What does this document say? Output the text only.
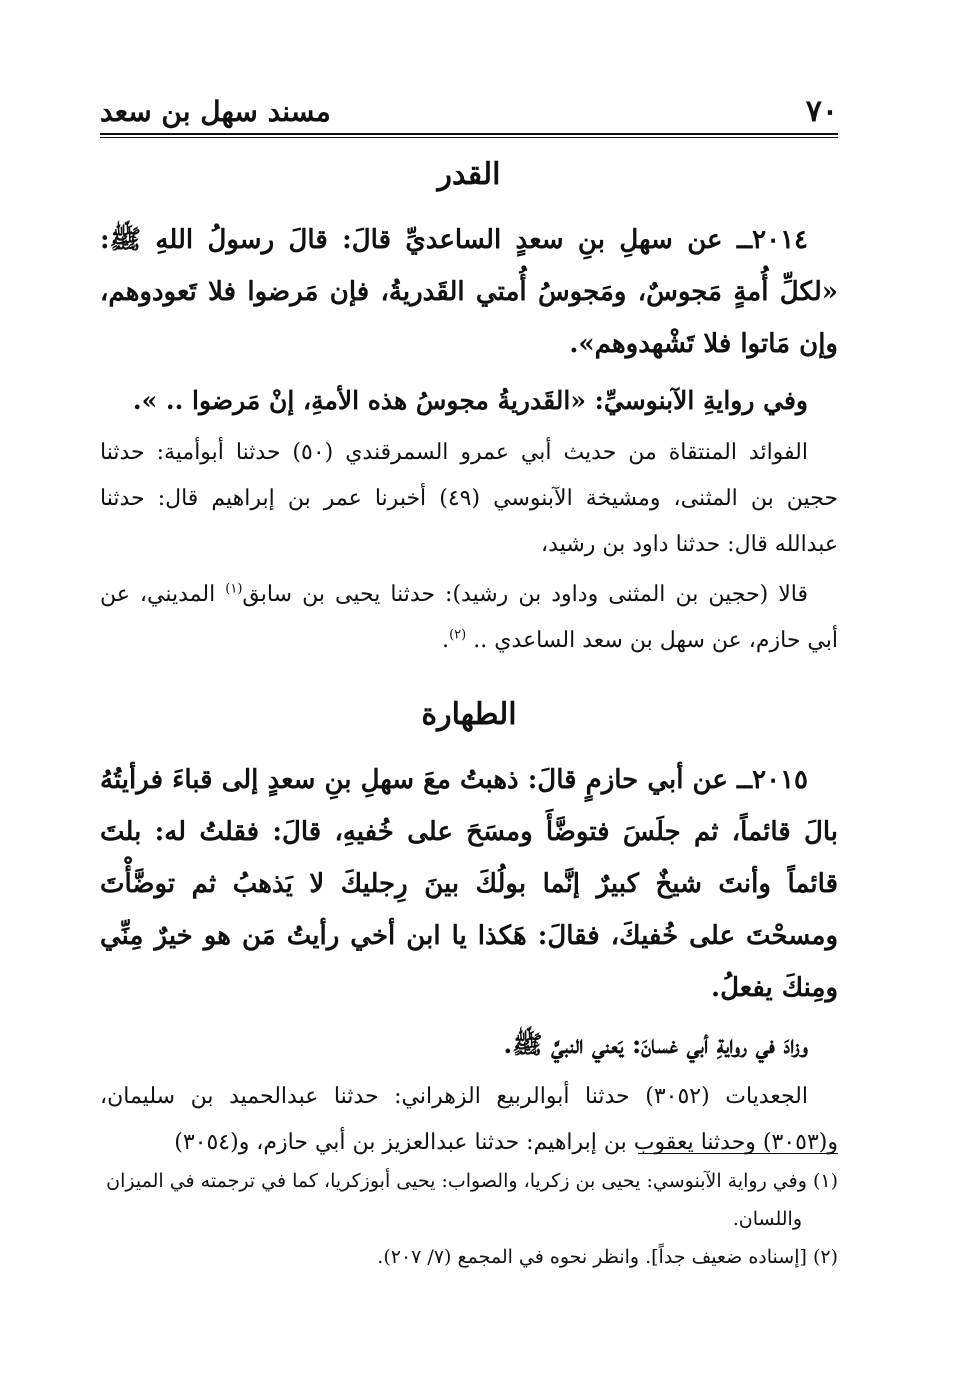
٧٠
مسند سهل بن سعد

القدر

٢٠١٤ــ عن سهلِ بنِ سعدٍ الساعديِّ قالَ: قالَ رسولُ اللهِ ﷺ: «لكلِّ أُمةٍ مَجوسٌ، ومَجوسُ أُمتي القَدريةُ، فإن مَرضوا فلا تَعودوهم، وإن مَاتوا فلا تَشْهدوهم».

وفي روايةِ الآبنوسيِّ: «القَدريةُ مجوسُ هذه الأمةِ، إنْ مَرضوا .. ».

الفوائد المنتقاة من حديث أبي عمرو السمرقندي (٥٠) حدثنا أبوأمية: حدثنا حجين بن المثنى، ومشيخة الآبنوسي (٤٩) أخبرنا عمر بن إبراهيم قال: حدثنا عبدالله قال: حدثنا داود بن رشيد،

قالا (حجين بن المثنى وداود بن رشيد): حدثنا يحيى بن سابق$^{(١)}$ المديني، عن أبي حازم، عن سهل بن سعد الساعدي .. $^{(٢)}$.

الطهارة

٢٠١٥ــ عن أبي حازمٍ قالَ: ذهبتُ معَ سهلِ بنِ سعدٍ إلى قباءَ فرأيتُهُ بالَ قائماً، ثم جلَسَ فتوضَّأَ ومسَحَ على خُفيهِ، قالَ: فقلتُ له: بلتَ قائماً وأنتَ شيخٌ كبيرٌ إنَّما بولُكَ بينَ رِجليكَ لا يَذهبُ ثم توضَّأْتَ ومسحْتَ على خُفيكَ، فقالَ: هَكذا يا ابن أخي رأيتُ مَن هو خيرٌ مِنِّي ومِنكَ يفعلُ.

وزادَ في روايةِ أبي غسانَ: يَعني النبيَّ ﷺ.

الجعديات (٣٠٥٢) حدثنا أبوالربيع الزهراني: حدثنا عبدالحميد بن سليمان، و(٣٠٥٣) وحدثنا يعقوب بن إبراهيم: حدثنا عبدالعزيز بن أبي حازم، و(٣٠٥٤)

(١) وفي رواية الآبنوسي: يحيى بن زكريا، والصواب: يحيى أبوزكريا، كما في ترجمته في الميزان
واللسان.

(٢) [إسناده ضعيف جداً]. وانظر نحوه في المجمع (٧/ ٢٠٧).
